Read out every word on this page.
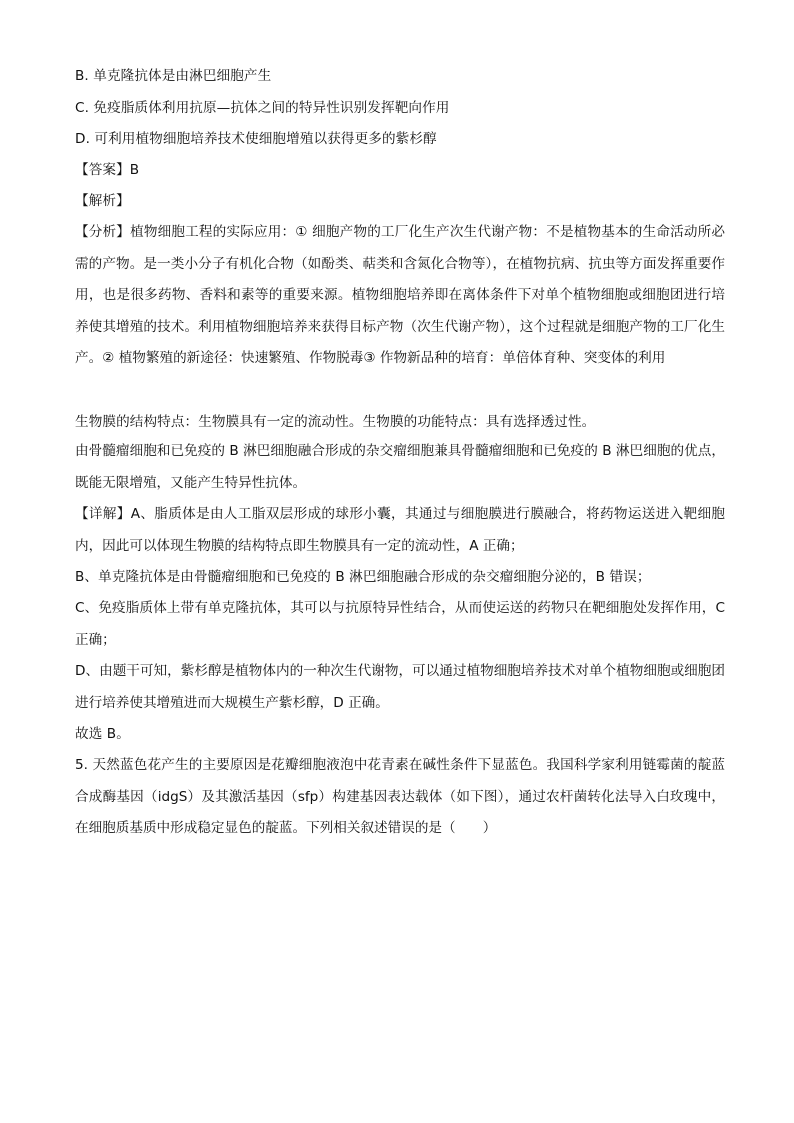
B. 单克隆抗体是由淋巴细胞产生
C. 免疫脂质体利用抗原—抗体之间的特异性识别发挥靶向作用
D. 可利用植物细胞培养技术使细胞增殖以获得更多的紫杉醇
【答案】B
【解析】
【分析】植物细胞工程的实际应用：① 细胞产物的工厂化生产次生代谢产物：不是植物基本的生命活动所必需的产物。是一类小分子有机化合物（如酚类、萜类和含氮化合物等），在植物抗病、抗虫等方面发挥重要作用，也是很多药物、香料和素等的重要来源。植物细胞培养即在离体条件下对单个植物细胞或细胞团进行培养使其增殖的技术。利用植物细胞培养来获得目标产物（次生代谢产物），这个过程就是细胞产物的工厂化生产。② 植物繁殖的新途径：快速繁殖、作物脱毒③ 作物新品种的培育：单倍体育种、突变体的利用
生物膜的结构特点：生物膜具有一定的流动性。生物膜的功能特点：具有选择透过性。
由骨髓瘤细胞和已免疫的 B 淋巴细胞融合形成的杂交瘤细胞兼具骨髓瘤细胞和已免疫的 B 淋巴细胞的优点，既能无限增殖，又能产生特异性抗体。
【详解】A、脂质体是由人工脂双层形成的球形小囊，其通过与细胞膜进行膜融合，将药物运送进入靶细胞内，因此可以体现生物膜的结构特点即生物膜具有一定的流动性，A 正确；
B、单克隆抗体是由骨髓瘤细胞和已免疫的 B 淋巴细胞融合形成的杂交瘤细胞分泌的，B 错误；
C、免疫脂质体上带有单克隆抗体，其可以与抗原特异性结合，从而使运送的药物只在靶细胞处发挥作用，C 正确；
D、由题干可知，紫杉醇是植物体内的一种次生代谢物，可以通过植物细胞培养技术对单个植物细胞或细胞团进行培养使其增殖进而大规模生产紫杉醇，D 正确。
故选 B。
5. 天然蓝色花产生的主要原因是花瓣细胞液泡中花青素在碱性条件下显蓝色。我国科学家利用链霉菌的靛蓝合成酶基因（idgS）及其激活基因（sfp）构建基因表达载体（如下图），通过农杆菌转化法导入白玫瑰中，在细胞质基质中形成稳定显色的靛蓝。下列相关叙述错误的是（　　）
